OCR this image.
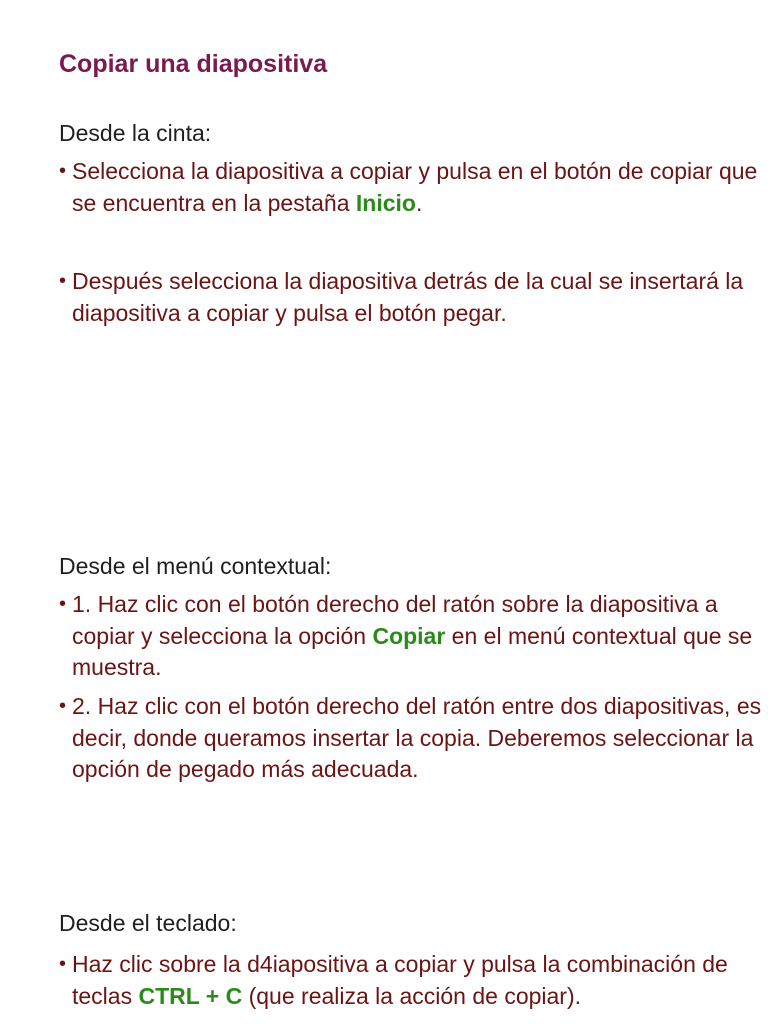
Copiar una diapositiva

Desde la cinta:

• Selecciona la diapositiva a copiar y pulsa en el botón de copiar que se encuentra en la pestaña Inicio.

• Después selecciona la diapositiva detrás de la cual se insertará la diapositiva a copiar y pulsa el botón pegar.

Desde el menú contextual:

• 1. Haz clic con el botón derecho del ratón sobre la diapositiva a copiar y selecciona la opción Copiar en el menú contextual que se muestra.

• 2. Haz clic con el botón derecho del ratón entre dos diapositivas, es decir, donde queramos insertar la copia. Deberemos seleccionar la opción de pegado más adecuada.

Desde el teclado:

• Haz clic sobre la d4iapositiva a copiar y pulsa la combinación de teclas CTRL + C (que realiza la acción de copiar).
